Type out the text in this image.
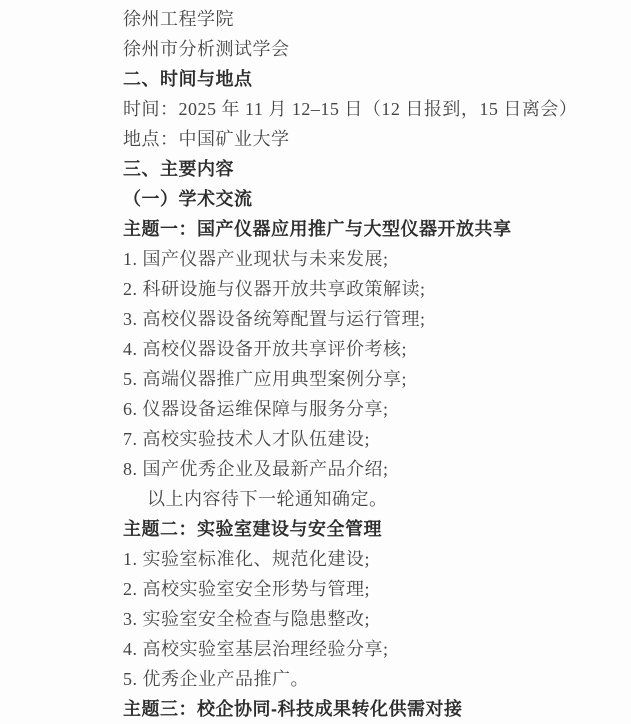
徐州工程学院
徐州市分析测试学会
二、时间与地点
时间：2025 年 11 月 12–15 日（12 日报到，15 日离会）
地点：中国矿业大学
三、主要内容
（一）学术交流
主题一：国产仪器应用推广与大型仪器开放共享
1. 国产仪器产业现状与未来发展;
2. 科研设施与仪器开放共享政策解读;
3. 高校仪器设备统筹配置与运行管理;
4. 高校仪器设备开放共享评价考核;
5. 高端仪器推广应用典型案例分享;
6. 仪器设备运维保障与服务分享;
7. 高校实验技术人才队伍建设;
8. 国产优秀企业及最新产品介绍;
以上内容待下一轮通知确定。
主题二：实验室建设与安全管理
1. 实验室标准化、规范化建设;
2. 高校实验室安全形势与管理;
3. 实验室安全检查与隐患整改;
4. 高校实验室基层治理经验分享;
5. 优秀企业产品推广。
主题三：校企协同-科技成果转化供需对接
